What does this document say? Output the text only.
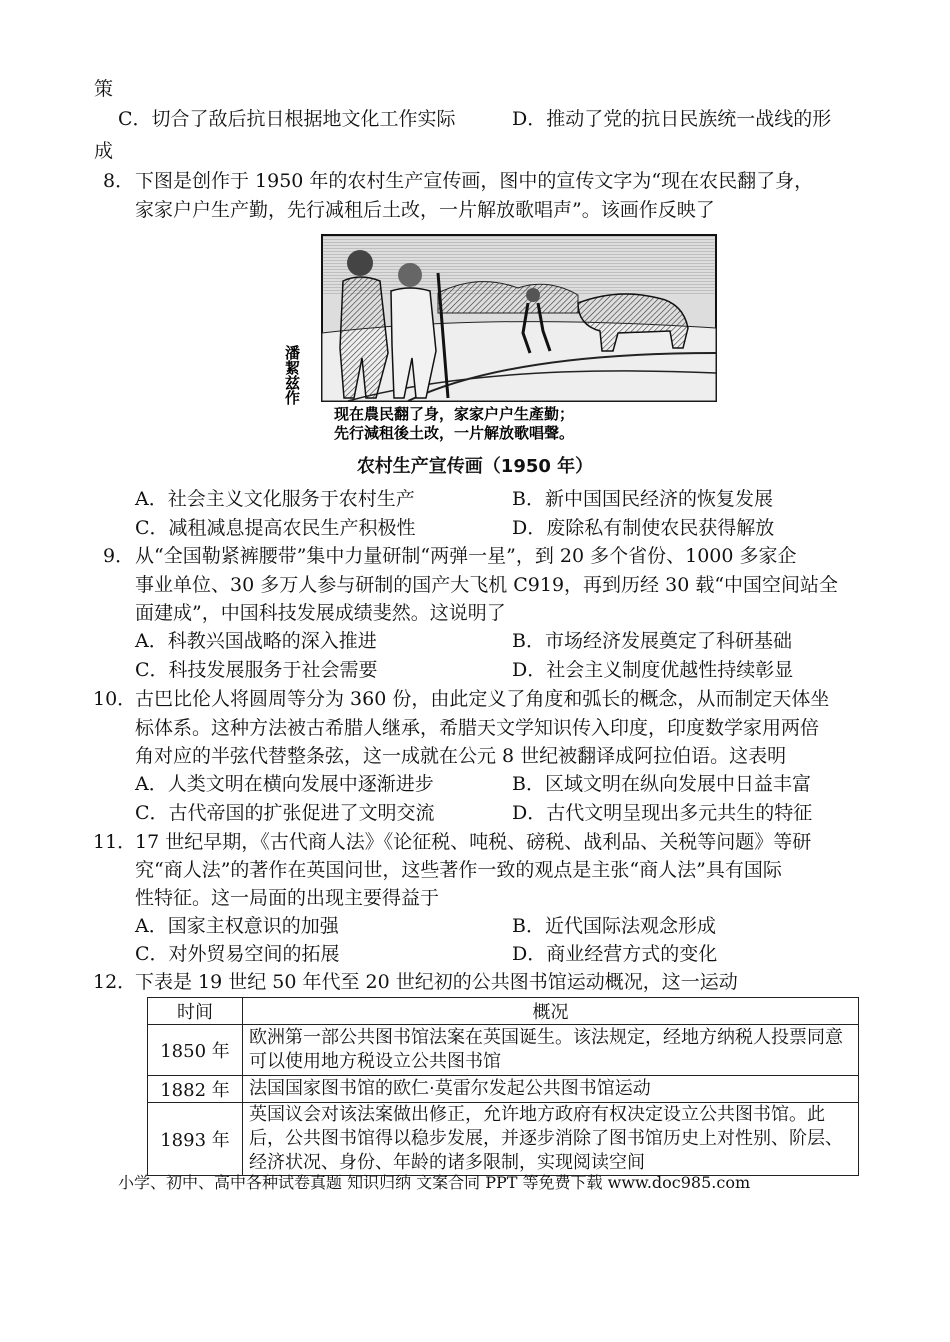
策
C．切合了敌后抗日根据地文化工作实际	D．推动了党的抗日民族统一战线的形
成
8． 下图是创作于 1950 年的农村生产宣传画，图中的宣传文字为“现在农民翻了身，
家家户户生产勤，先行减租后土改，一片解放歌唱声”。该画作反映了
潘絜兹作
现在農民翻了身，家家户户生產勤；
先行減租後土改，一片解放歌唱聲。
农村生产宣传画（1950 年）
A．社会主义文化服务于农村生产	B．新中国国民经济的恢复发展
C．减租减息提高农民生产积极性	D．废除私有制使农民获得解放
9． 从“全国勒紧裤腰带”集中力量研制“两弹一星”，到 20 多个省份、1000 多家企
事业单位、30 多万人参与研制的国产大飞机 C919，再到历经 30 载“中国空间站全
面建成”，中国科技发展成绩斐然。这说明了
A．科教兴国战略的深入推进	B．市场经济发展奠定了科研基础
C．科技发展服务于社会需要	D．社会主义制度优越性持续彰显
10．
古巴比伦人将圆周等分为 360 份，由此定义了角度和弧长的概念，从而制定天体坐
标体系。这种方法被古希腊人继承，希腊天文学知识传入印度，印度数学家用两倍
角对应的半弦代替整条弦，这一成就在公元 8 世纪被翻译成阿拉伯语。这表明
A．人类文明在横向发展中逐渐进步	B．区域文明在纵向发展中日益丰富
C．古代帝国的扩张促进了文明交流	D．古代文明呈现出多元共生的特征
11．
17 世纪早期，《古代商人法》《论征税、吨税、磅税、战利品、关税等问题》等研
究“商人法”的著作在英国问世，这些著作一致的观点是主张“商人法”具有国际
性特征。这一局面的出现主要得益于
A．国家主权意识的加强	B．近代国际法观念形成
C．对外贸易空间的拓展	D．商业经营方式的变化
12．
下表是 19 世纪 50 年代至 20 世纪初的公共图书馆运动概况，这一运动
时间	概况
1850 年	欧洲第一部公共图书馆法案在英国诞生。该法规定，经地方纳税人投票同意可以使用地方税设立公共图书馆
1882 年	法国国家图书馆的欧仁·莫雷尔发起公共图书馆运动
1893 年	英国议会对该法案做出修正，允许地方政府有权决定设立公共图书馆。此后，公共图书馆得以稳步发展，并逐步消除了图书馆历史上对性别、阶层、经济状况、身份、年龄的诸多限制，实现阅读空间
小学、初中、高中各种试卷真题 知识归纳 文案合同 PPT 等免费下载 www.doc985.com
